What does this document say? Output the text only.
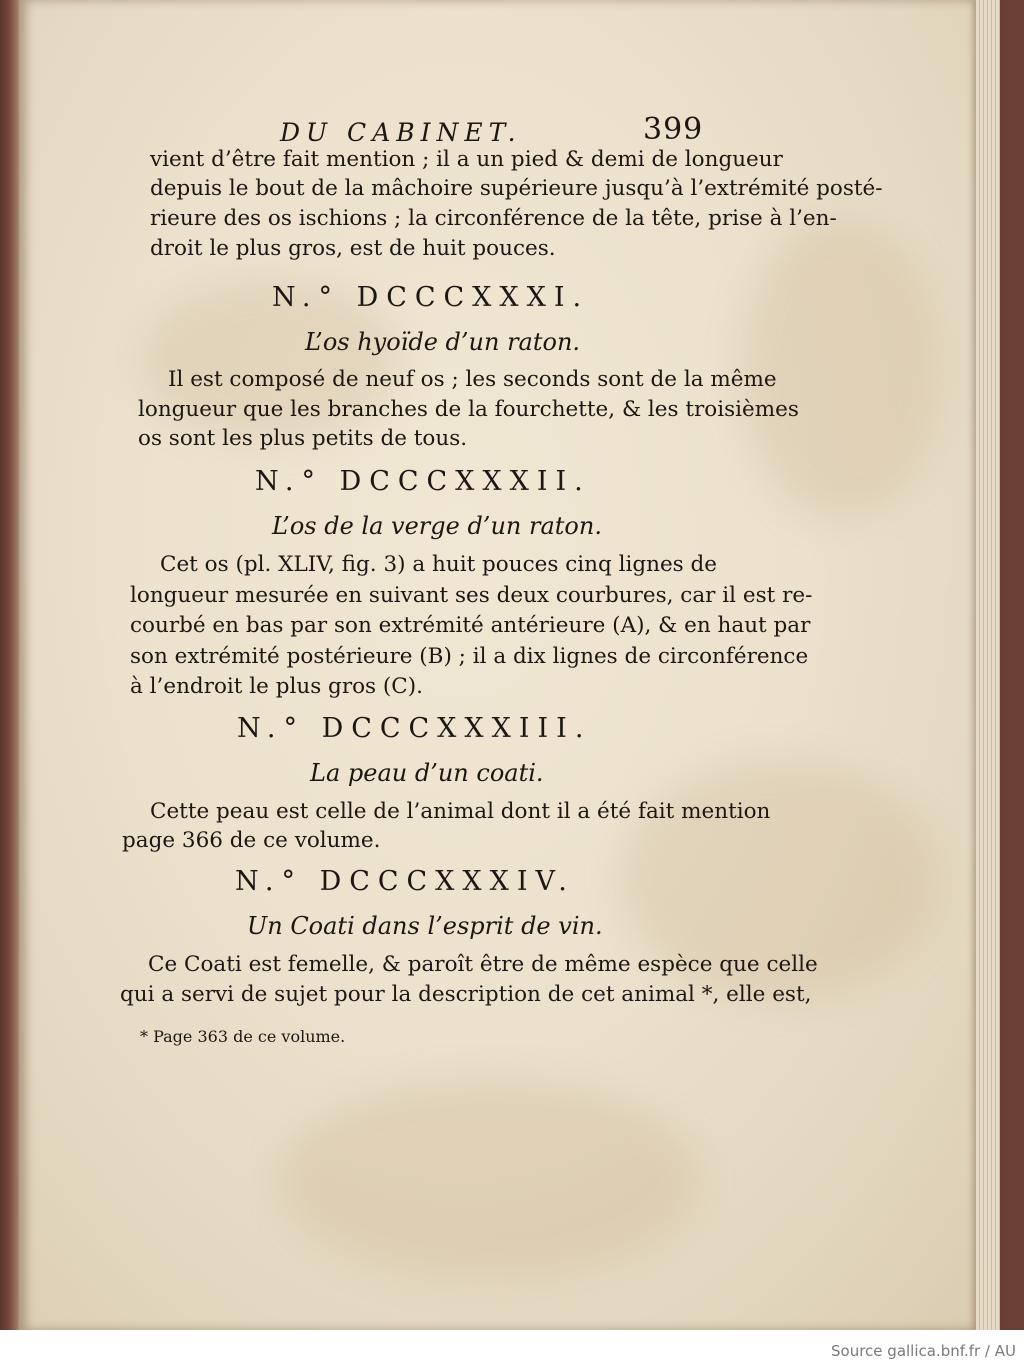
DU CABINET.	399
vient d’être fait mention ; il a un pied & demi de longueur
depuis le bout de la mâchoire supérieure jusqu’à l’extrémité posté-
rieure des os ischions ; la circonférence de la tête, prise à l’en-
droit le plus gros, est de huit pouces.
N.° DCCCXXXI.
L’os hyoïde d’un raton.
Il est composé de neuf os ; les seconds sont de la même
longueur que les branches de la fourchette, & les troisièmes
os sont les plus petits de tous.
N.° DCCCXXXII.
L’os de la verge d’un raton.
Cet os (pl. XLIV, fig. 3) a huit pouces cinq lignes de
longueur mesurée en suivant ses deux courbures, car il est re-
courbé en bas par son extrémité antérieure (A), & en haut par
son extrémité postérieure (B) ; il a dix lignes de circonférence
à l’endroit le plus gros (C).
N.° DCCCXXXIII.
La peau d’un coati.
Cette peau est celle de l’animal dont il a été fait mention
page 366 de ce volume.
N.° DCCCXXXIV.
Un Coati dans l’esprit de vin.
Ce Coati est femelle, & paroît être de même espèce que celle
qui a servi de sujet pour la description de cet animal *, elle est,
* Page 363 de ce volume.
Source gallica.bnf.fr / AU
